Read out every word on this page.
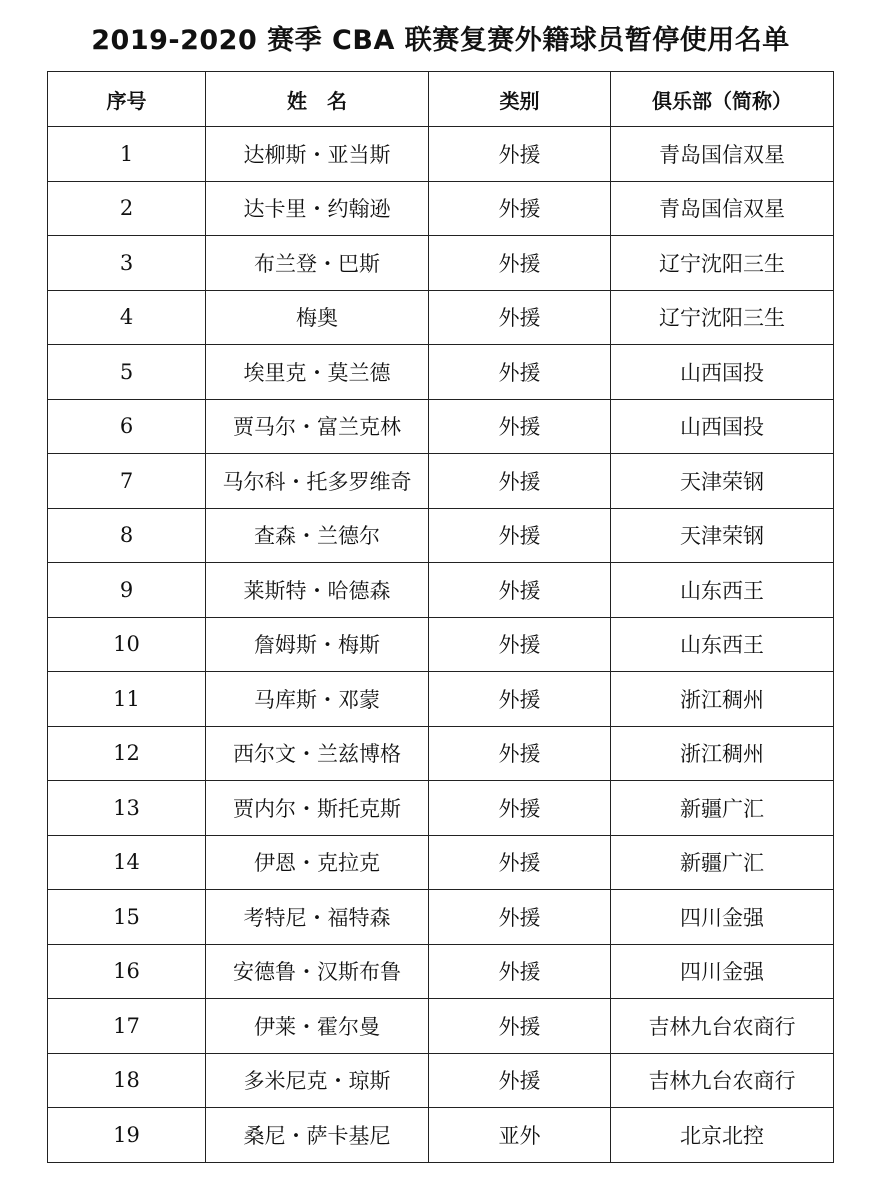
2019-2020 赛季 CBA 联赛复赛外籍球员暂停使用名单
序号	姓　名	类别	俱乐部（简称）
1	达柳斯・亚当斯	外援	青岛国信双星
2	达卡里・约翰逊	外援	青岛国信双星
3	布兰登・巴斯	外援	辽宁沈阳三生
4	梅奥	外援	辽宁沈阳三生
5	埃里克・莫兰德	外援	山西国投
6	贾马尔・富兰克林	外援	山西国投
7	马尔科・托多罗维奇	外援	天津荣钢
8	查森・兰德尔	外援	天津荣钢
9	莱斯特・哈德森	外援	山东西王
10	詹姆斯・梅斯	外援	山东西王
11	马库斯・邓蒙	外援	浙江稠州
12	西尔文・兰兹博格	外援	浙江稠州
13	贾内尔・斯托克斯	外援	新疆广汇
14	伊恩・克拉克	外援	新疆广汇
15	考特尼・福特森	外援	四川金强
16	安德鲁・汉斯布鲁	外援	四川金强
17	伊莱・霍尔曼	外援	吉林九台农商行
18	多米尼克・琼斯	外援	吉林九台农商行
19	桑尼・萨卡基尼	亚外	北京北控
